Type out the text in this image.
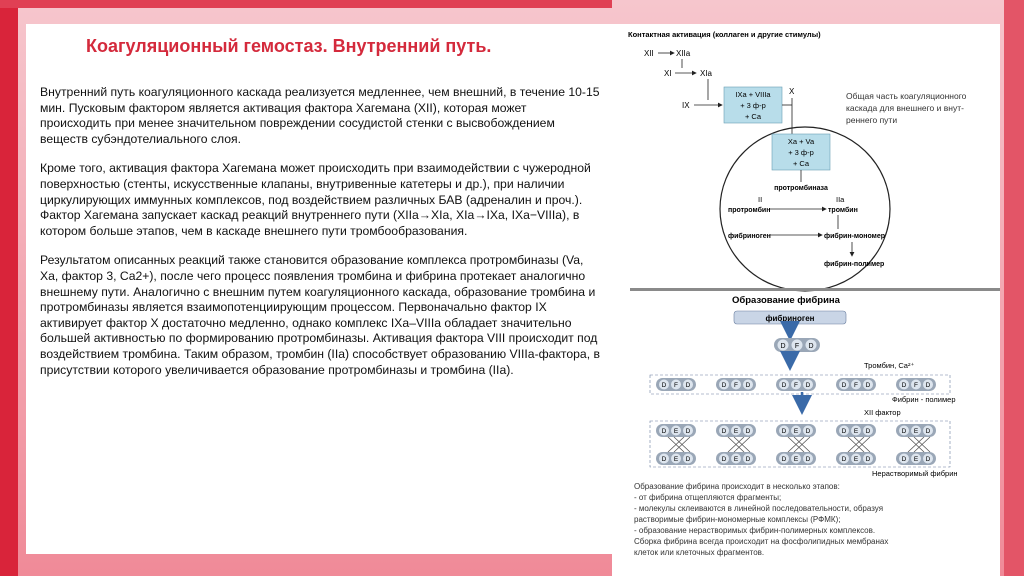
Коагуляционный гемостаз. Внутренний путь.

Внутренний путь коагуляционного каскада реализуется медленнее, чем внешний, в течение 10-15 мин. Пусковым фактором является активация фактора Хагемана (XII), которая может происходить при менее значительном повреждении сосудистой стенки с высвобождением веществ субэндотелиального слоя.

Кроме того, активация фактора Хагемана может происходить при взаимодействии с чужеродной поверхностью (стенты, искусственные клапаны, внутривенные катетеры и др.), при наличии циркулирующих иммунных комплексов, под воздействием различных БАВ (адреналин и проч.). Фактор Хагемана запускает каскад реакций внутреннего пути (XIIa→XIa, XIa→IXa, IXa−VIIIa), в котором больше этапов, чем в каскаде внешнего пути тромбообразования.

Результатом описанных реакций также становится образование комплекса протромбиназы (Va, Xa, фактор 3, Ca2+), после чего процесс появления тромбина и фибрина протекает аналогично внешнему пути. Аналогично с внешним путем коагуляционного каскада, образование тромбина и протромбиназы является взаимопотенциирующим процессом. Первоначально фактор IX активирует фактор X достаточно медленно, однако комплекс IXa–VIIIa обладает значительно большей активностью по формированию протромбиназы. Активация фактора VIII происходит под воздействием тромбина. Таким образом, тромбин (IIa) способствует образованию VIIIa-фактора, в присутствии которого увеличивается образование протромбиназы и тромбина (IIa).

Контактная активация (коллаген и другие стимулы)
XII	XIIa
XI	XIa
IX
IXa + VIIIa
+ 3 ф-р
+ Ca
X
Xa + Va
+ 3 ф-р
+ Ca
протромбиназа
II	IIa
протромбин	тромбин
фибриноген	фибрин-мономер
фибрин-полимер
Общая часть коагуляционного
каскада для внешнего и внут-
реннего пути
Образование фибрина
фибриноген
D F D
Тромбин, Ca²⁺
D F D	D F D	D F D	D F D	D F D
Фибрин - полимер
XII фактор
D E D	D E D	D E D	D E D	D E D
D E D	D E D	D E D	D E D	D E D
Нерастворимый фибрин
Образование фибрина происходит в несколько этапов:
- от фибрина отщепляются фрагменты;
- молекулы склеиваются в линейной последовательности, образуя
растворимые фибрин-мономерные комплексы (РФМК);
- образование нерастворимых фибрин-полимерных комплексов.
Сборка фибрина всегда происходит на фосфолипидных мембранах
клеток или клеточных фрагментов.
